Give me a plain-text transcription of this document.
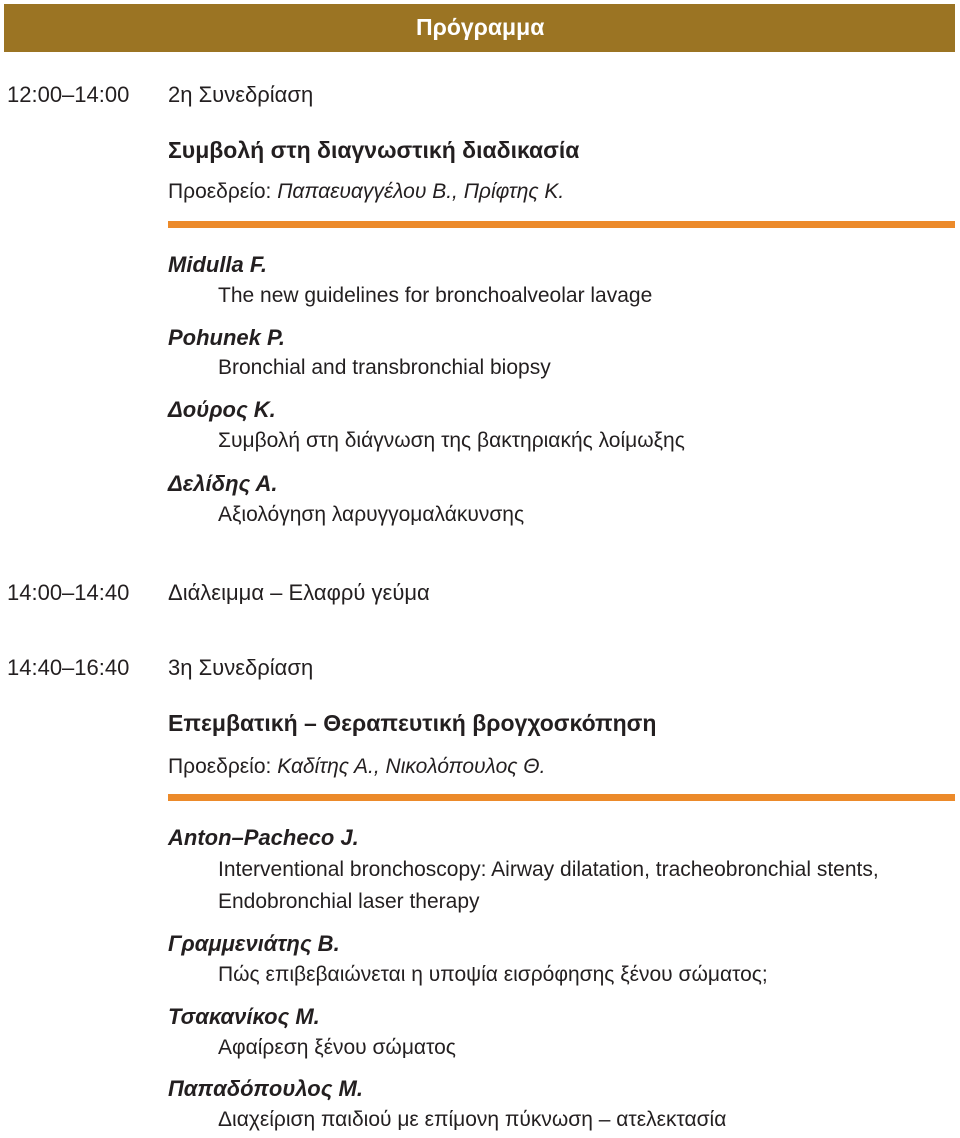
Πρόγραμμα
12:00–14:00 2η Συνεδρίαση
Συμβολή στη διαγνωστική διαδικασία
Προεδρείο: Παπαευαγγέλου Β., Πρίφτης Κ.
Midulla F.
The new guidelines for bronchoalveolar lavage
Pohunek P.
Bronchial and transbronchial biopsy
Δούρος Κ.
Συμβολή στη διάγνωση της βακτηριακής λοίμωξης
Δελίδης Α.
Αξιολόγηση λαρυγγομαλάκυνσης
14:00–14:40 Διάλειμμα – Ελαφρύ γεύμα
14:40–16:40 3η Συνεδρίαση
Επεμβατική – Θεραπευτική βρογχοσκόπηση
Προεδρείο: Καδίτης Α., Νικολόπουλος Θ.
Anton–Pacheco J.
Interventional bronchoscopy: Airway dilatation, tracheobronchial stents,
Endobronchial laser therapy
Γραμμενιάτης Β.
Πώς επιβεβαιώνεται η υποψία εισρόφησης ξένου σώματος;
Τσακανίκος Μ.
Αφαίρεση ξένου σώματος
Παπαδόπουλος Μ.
Διαχείριση παιδιού με επίμονη πύκνωση – ατελεκτασία
